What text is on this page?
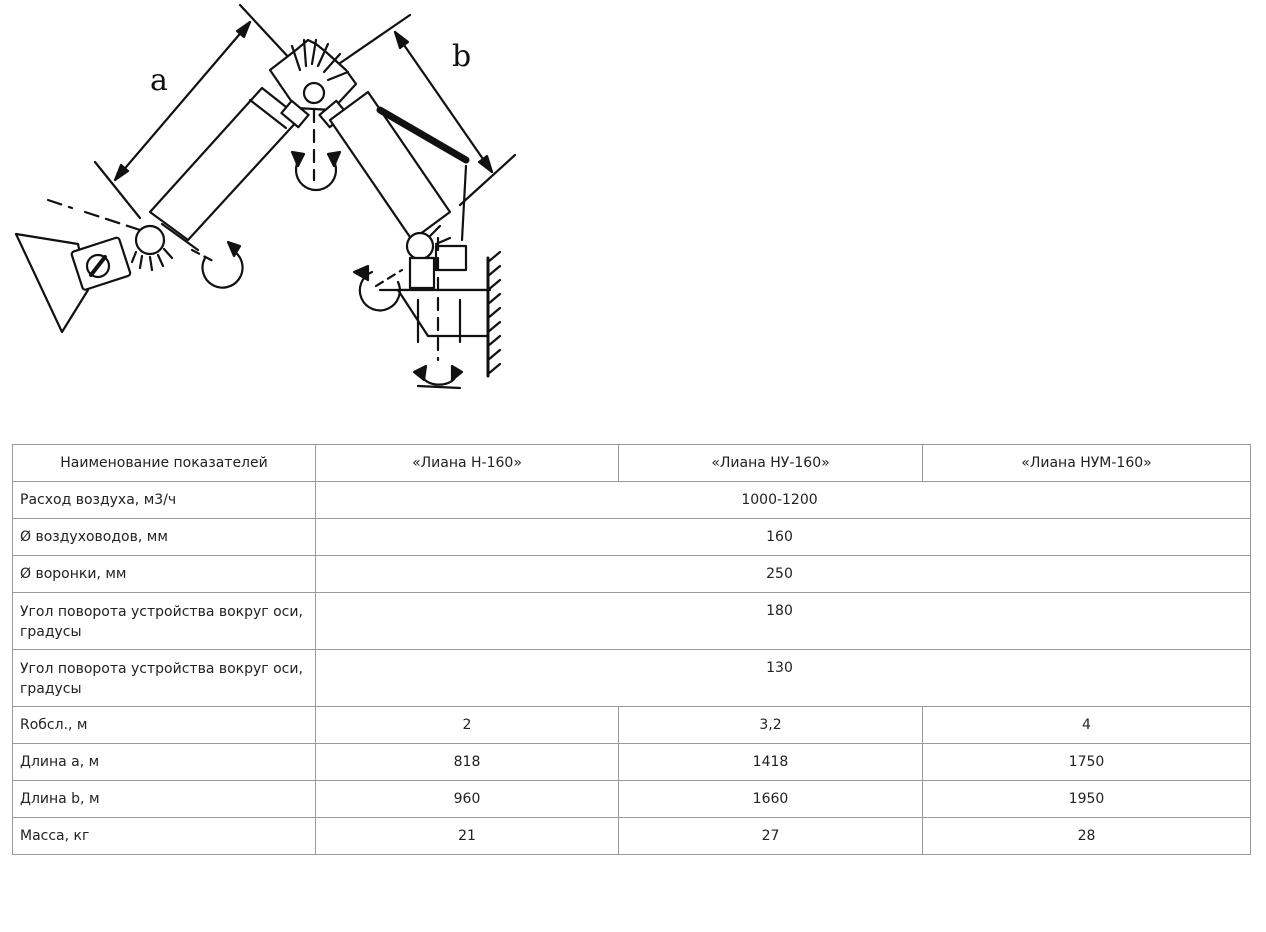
a
b
Наименование показателей	«Лиана Н-160»	«Лиана НУ-160»	«Лиана НУМ-160»
Расход воздуха, м3/ч	1000-1200		
Ø воздуховодов, мм	160		
Ø воронки, мм	250		
Угол поворота устройства вокруг оси, градусы	180		
Угол поворота устройства вокруг оси, градусы	130		
Rобсл., м	2	3,2	4
Длина a, м	818	1418	1750
Длина b, м	960	1660	1950
Масса, кг	21	27	28
